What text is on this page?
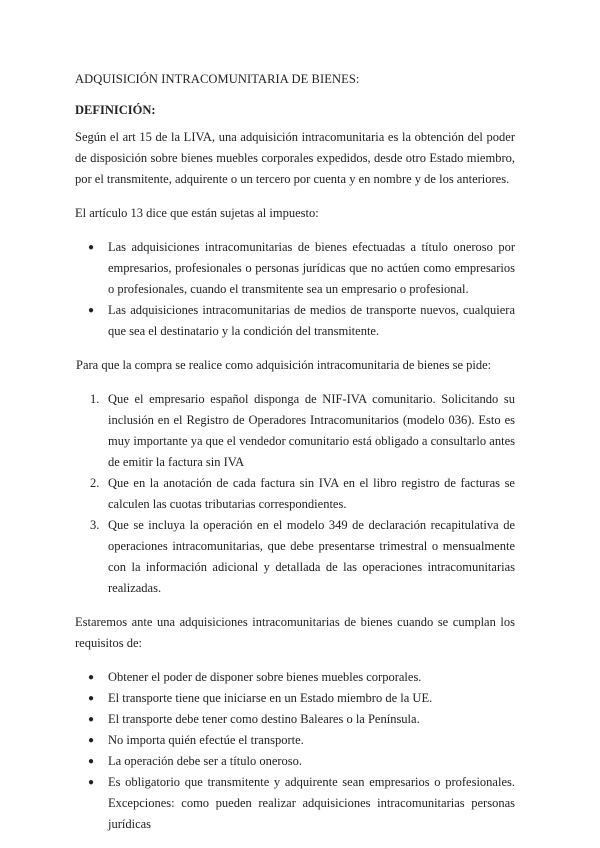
ADQUISICIÓN INTRACOMUNITARIA DE BIENES:
DEFINICIÓN:

Según el art 15 de la LIVA, una adquisición intracomunitaria es la obtención del poder de disposición sobre bienes muebles corporales expedidos, desde otro Estado miembro, por el transmitente, adquirente o un tercero por cuenta y en nombre y de los anteriores.

El artículo 13 dice que están sujetas al impuesto:

● Las adquisiciones intracomunitarias de bienes efectuadas a título oneroso por empresarios, profesionales o personas jurídicas que no actúen como empresarios o profesionales, cuando el transmitente sea un empresario o profesional.
● Las adquisiciones intracomunitarias de medios de transporte nuevos, cualquiera que sea el destinatario y la condición del transmitente.

Para que la compra se realice como adquisición intracomunitaria de bienes se pide:

1. Que el empresario español disponga de NIF-IVA comunitario. Solicitando su inclusión en el Registro de Operadores Intracomunitarios (modelo 036). Esto es muy importante ya que el vendedor comunitario está obligado a consultarlo antes de emitir la factura sin IVA
2. Que en la anotación de cada factura sin IVA en el libro registro de facturas se calculen las cuotas tributarias correspondientes.
3. Que se incluya la operación en el modelo 349 de declaración recapitulativa de operaciones intracomunitarias, que debe presentarse trimestral o mensualmente con la información adicional y detallada de las operaciones intracomunitarias realizadas.

Estaremos ante una adquisiciones intracomunitarias de bienes cuando se cumplan los requisitos de:

● Obtener el poder de disponer sobre bienes muebles corporales.
● El transporte tiene que iniciarse en un Estado miembro de la UE.
● El transporte debe tener como destino Baleares o la Península.
● No importa quién efectúe el transporte.
● La operación debe ser a título oneroso.
● Es obligatorio que transmitente y adquirente sean empresarios o profesionales. Excepciones: como pueden realizar adquisiciones intracomunitarias personas jurídicas
